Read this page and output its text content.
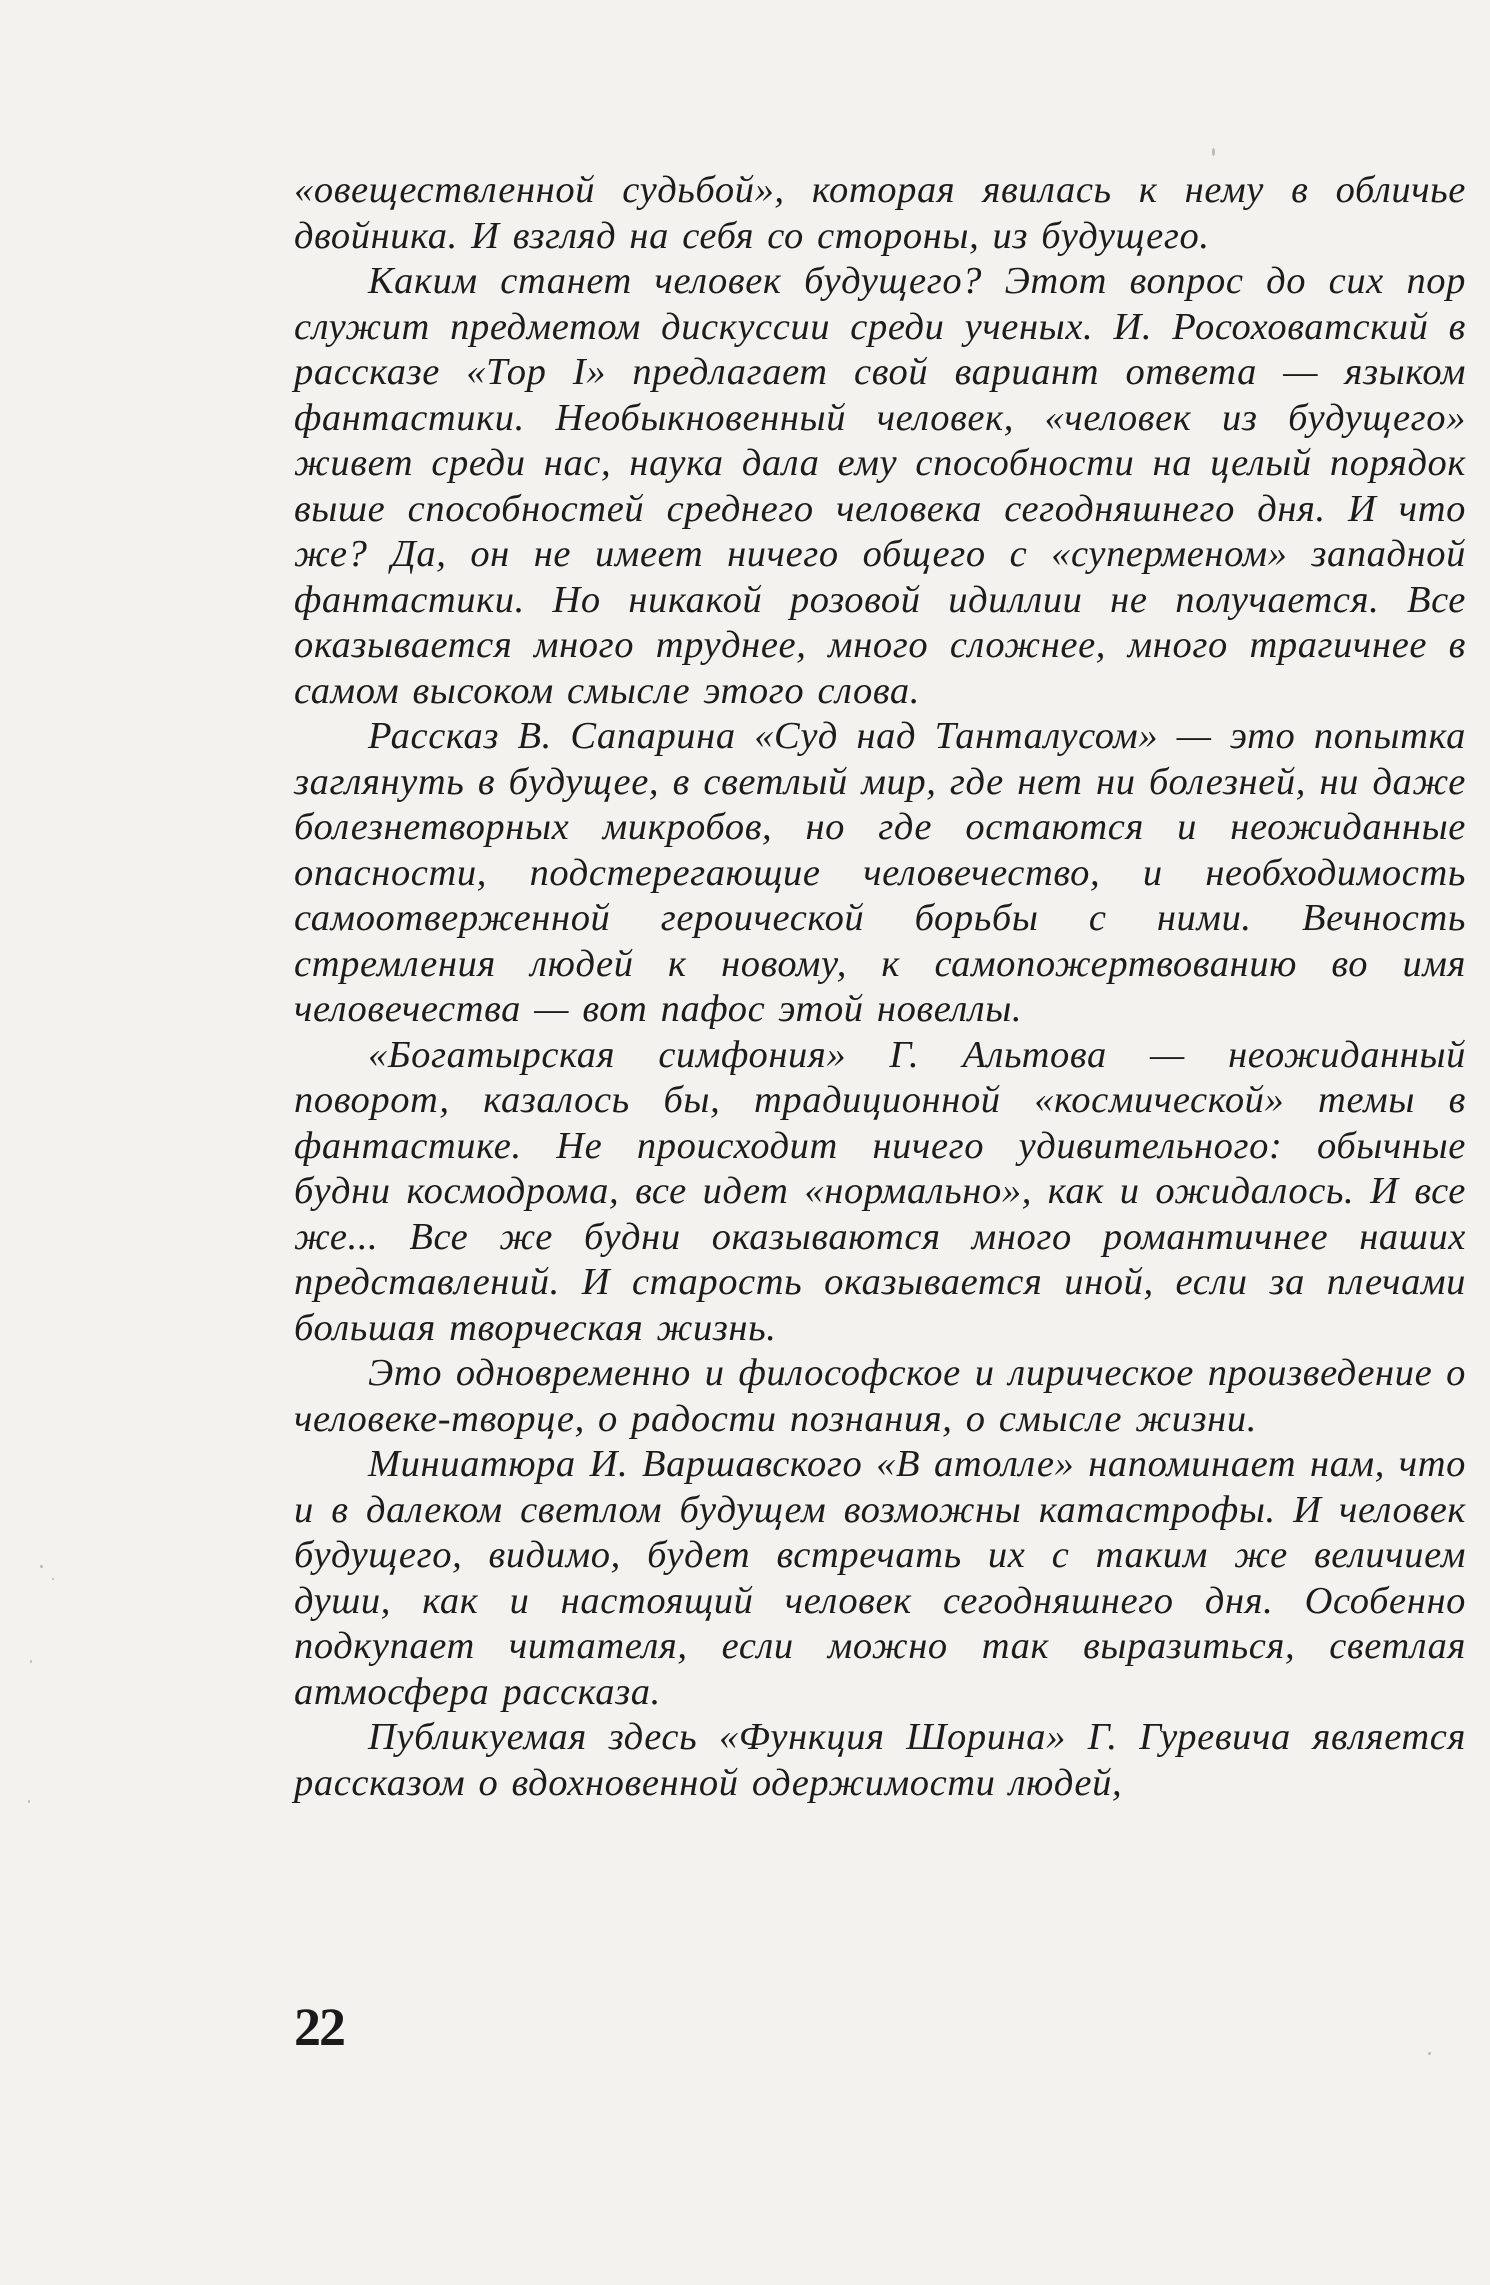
«овеществленной судьбой», которая явилась к нему в обличье двойника. И взгляд на себя со стороны, из будущего.

Каким станет человек будущего? Этот вопрос до сих пор служит предметом дискуссии среди ученых. И. Росоховатский в рассказе «Тор I» предлагает свой вариант ответа — языком фантастики. Необыкновенный человек, «человек из будущего» живет среди нас, наука дала ему способности на целый порядок выше способностей среднего человека сегодняшнего дня. И что же? Да, он не имеет ничего общего с «суперменом» западной фантастики. Но никакой розовой идиллии не получается. Все оказывается много труднее, много сложнее, много трагичнее в самом высоком смысле этого слова.

Рассказ В. Сапарина «Суд над Танталусом» — это попытка заглянуть в будущее, в светлый мир, где нет ни болезней, ни даже болезнетворных микробов, но где остаются и неожиданные опасности, подстерегающие человечество, и необходимость самоотверженной героической борьбы с ними. Вечность стремления людей к новому, к самопожертвованию во имя человечества — вот пафос этой новеллы.

«Богатырская симфония» Г. Альтова — неожиданный поворот, казалось бы, традиционной «космической» темы в фантастике. Не происходит ничего удивительного: обычные будни космодрома, все идет «нормально», как и ожидалось. И все же... Все же будни оказываются много романтичнее наших представлений. И старость оказывается иной, если за плечами большая творческая жизнь.

Это одновременно и философское и лирическое произведение о человеке-творце, о радости познания, о смысле жизни.

Миниатюра И. Варшавского «В атолле» напоминает нам, что и в далеком светлом будущем возможны катастрофы. И человек будущего, видимо, будет встречать их с таким же величием души, как и настоящий человек сегодняшнего дня. Особенно подкупает читателя, если можно так выразиться, светлая атмосфера рассказа.

Публикуемая здесь «Функция Шорина» Г. Гуревича является рассказом о вдохновенной одержимости людей,

22
